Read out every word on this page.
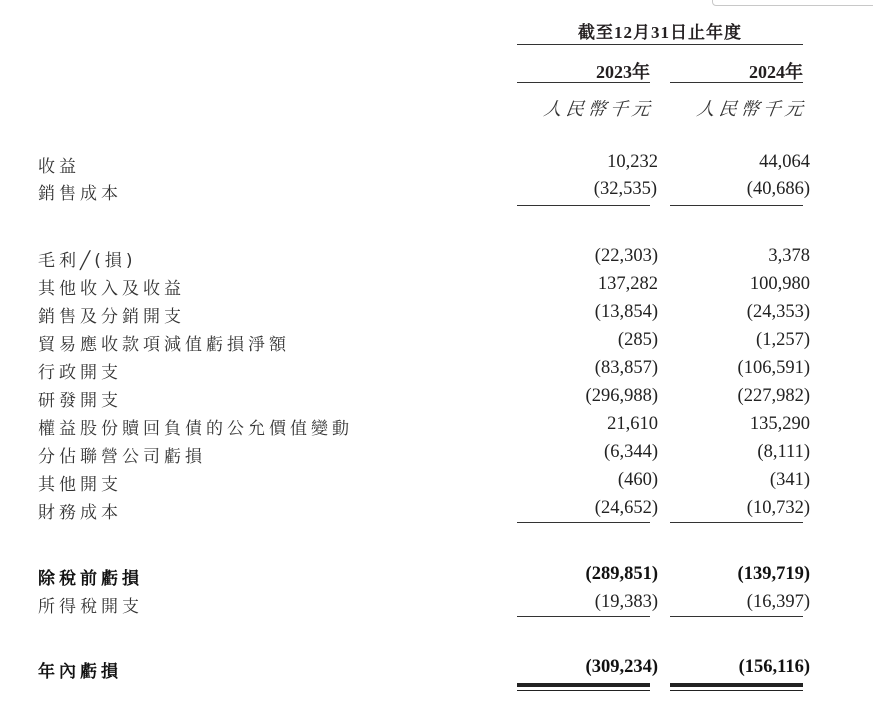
截至12月31日止年度
2023年	2024年
人民幣千元	人民幣千元
收益	10,232	44,064
銷售成本	(32,535)	(40,686)
毛利╱(損)	(22,303)	3,378
其他收入及收益	137,282	100,980
銷售及分銷開支	(13,854)	(24,353)
貿易應收款項減值虧損淨額	(285)	(1,257)
行政開支	(83,857)	(106,591)
研發開支	(296,988)	(227,982)
權益股份贖回負債的公允價值變動	21,610	135,290
分佔聯營公司虧損	(6,344)	(8,111)
其他開支	(460)	(341)
財務成本	(24,652)	(10,732)
除稅前虧損	(289,851)	(139,719)
所得稅開支	(19,383)	(16,397)
年內虧損	(309,234)	(156,116)
